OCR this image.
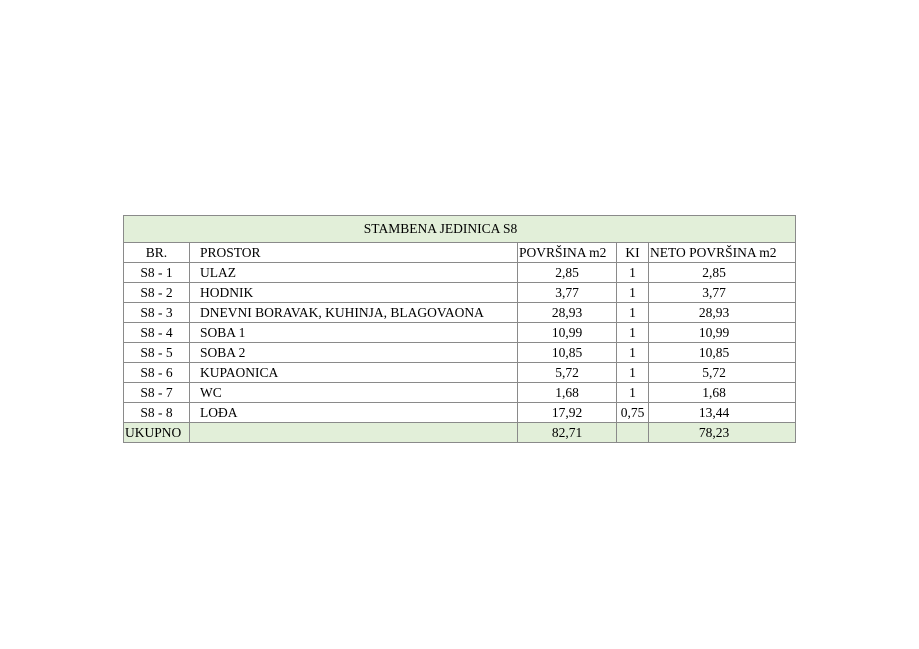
STAMBENA JEDINICA S8				
BR.	PROSTOR	POVRŠINA m2	KI	NETO POVRŠINA m2
S8 - 1	ULAZ	2,85	1	2,85
S8 - 2	HODNIK	3,77	1	3,77
S8 - 3	DNEVNI BORAVAK, KUHINJA, BLAGOVAONA	28,93	1	28,93
S8 - 4	SOBA 1	10,99	1	10,99
S8 - 5	SOBA 2	10,85	1	10,85
S8 - 6	KUPAONICA	5,72	1	5,72
S8 - 7	WC	1,68	1	1,68
S8 - 8	LOĐA	17,92	0,75	13,44
UKUPNO		82,71		78,23
